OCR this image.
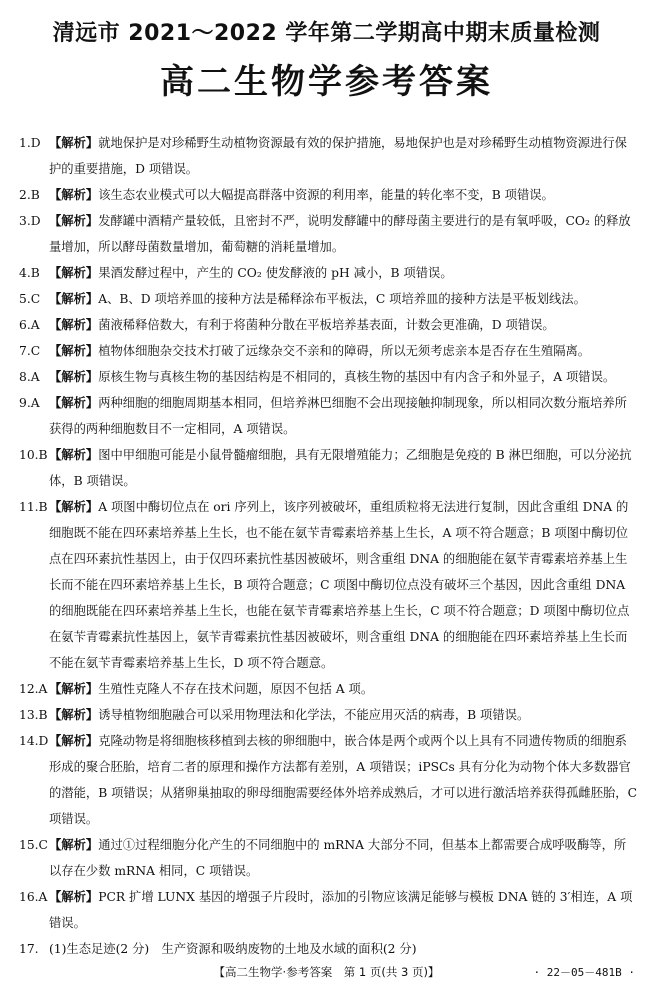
清远市 2021～2022 学年第二学期高中期末质量检测
高二生物学参考答案
1.D 【解析】就地保护是对珍稀野生动植物资源最有效的保护措施，易地保护也是对珍稀野生动植物资源进行保护的重要措施，D 项错误。
2.B 【解析】该生态农业模式可以大幅提高群落中资源的利用率，能量的转化率不变，B 项错误。
3.D 【解析】发酵罐中酒精产量较低，且密封不严，说明发酵罐中的酵母菌主要进行的是有氧呼吸，CO₂ 的释放量增加，所以酵母菌数量增加，葡萄糖的消耗量增加。
4.B 【解析】果酒发酵过程中，产生的 CO₂ 使发酵液的 pH 减小，B 项错误。
5.C 【解析】A、B、D 项培养皿的接种方法是稀释涂布平板法，C 项培养皿的接种方法是平板划线法。
6.A 【解析】菌液稀释倍数大，有利于将菌种分散在平板培养基表面，计数会更准确，D 项错误。
7.C 【解析】植物体细胞杂交技术打破了远缘杂交不亲和的障碍，所以无须考虑亲本是否存在生殖隔离。
8.A 【解析】原核生物与真核生物的基因结构是不相同的，真核生物的基因中有内含子和外显子，A 项错误。
9.A 【解析】两种细胞的细胞周期基本相同，但培养淋巴细胞不会出现接触抑制现象，所以相同次数分瓶培养所获得的两种细胞数目不一定相同，A 项错误。
10.B 【解析】图中甲细胞可能是小鼠骨髓瘤细胞，具有无限增殖能力；乙细胞是免疫的 B 淋巴细胞，可以分泌抗体，B 项错误。
11.B 【解析】A 项图中酶切位点在 ori 序列上，该序列被破坏，重组质粒将无法进行复制，因此含重组 DNA 的细胞既不能在四环素培养基上生长，也不能在氨苄青霉素培养基上生长，A 项不符合题意；B 项图中酶切位点在四环素抗性基因上，由于仅四环素抗性基因被破坏，则含重组 DNA 的细胞能在氨苄青霉素培养基上生长而不能在四环素培养基上生长，B 项符合题意；C 项图中酶切位点没有破坏三个基因，因此含重组 DNA 的细胞既能在四环素培养基上生长，也能在氨苄青霉素培养基上生长，C 项不符合题意；D 项图中酶切位点在氨苄青霉素抗性基因上，氨苄青霉素抗性基因被破坏，则含重组 DNA 的细胞能在四环素培养基上生长而不能在氨苄青霉素培养基上生长，D 项不符合题意。
12.A 【解析】生殖性克隆人不存在技术问题，原因不包括 A 项。
13.B 【解析】诱导植物细胞融合可以采用物理法和化学法，不能应用灭活的病毒，B 项错误。
14.D 【解析】克隆动物是将细胞核移植到去核的卵细胞中，嵌合体是两个或两个以上具有不同遗传物质的细胞系形成的聚合胚胎，培育二者的原理和操作方法都有差别，A 项错误；iPSCs 具有分化为动物个体大多数器官的潜能，B 项错误；从猪卵巢抽取的卵母细胞需要经体外培养成熟后，才可以进行激活培养获得孤雌胚胎，C 项错误。
15.C 【解析】通过①过程细胞分化产生的不同细胞中的 mRNA 大部分不同，但基本上都需要合成呼吸酶等，所以存在少数 mRNA 相同，C 项错误。
16.A 【解析】PCR 扩增 LUNX 基因的增强子片段时，添加的引物应该满足能够与模板 DNA 链的 3′相连，A 项错误。
17. (1)生态足迹(2 分)　生产资源和吸纳废物的土地及水域的面积(2 分)
【高二生物学·参考答案　第 1 页(共 3 页)】	· 22－05－481B ·
